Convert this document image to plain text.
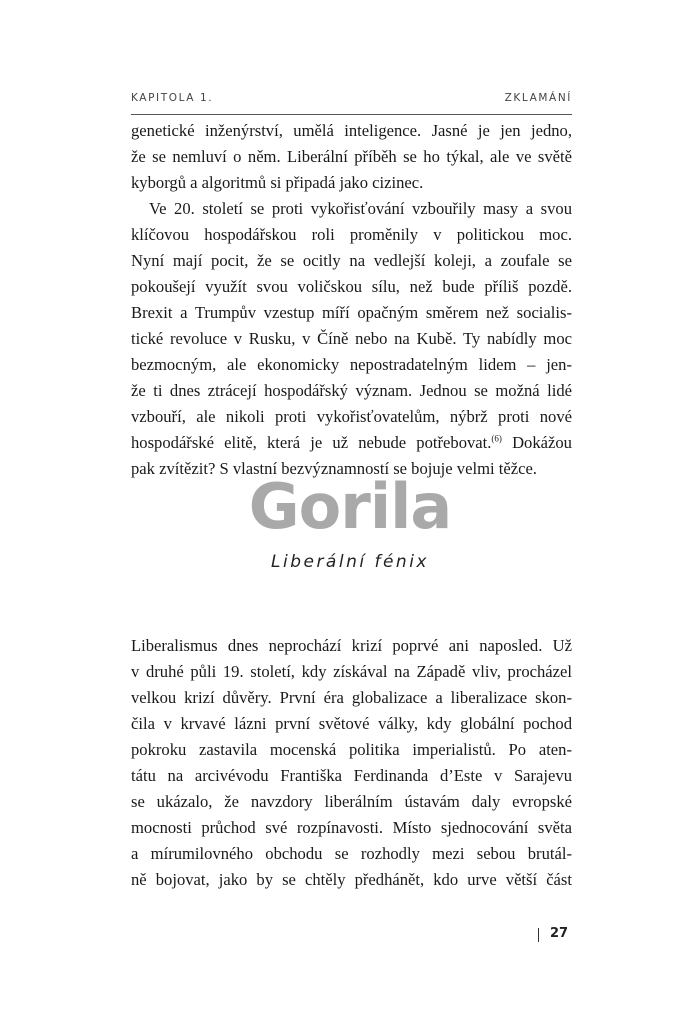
KAPITOLA 1.	ZKLAMÁNÍ
genetické inženýrství, umělá inteligence. Jasné je jen jedno,
že se nemluví o něm. Liberální příběh se ho týkal, ale ve světě
kyborgů a algoritmů si připadá jako cizinec.
Ve 20. století se proti vykořisťování vzbouřily masy a svou
klíčovou hospodářskou roli proměnily v politickou moc.
Nyní mají pocit, že se ocitly na vedlejší koleji, a zoufale se
pokoušejí využít svou voličskou sílu, než bude příliš pozdě.
Brexit a Trumpův vzestup míří opačným směrem než socialis-
tické revoluce v Rusku, v Číně nebo na Kubě. Ty nabídly moc
bezmocným, ale ekonomicky nepostradatelným lidem – jen-
že ti dnes ztrácejí hospodářský význam. Jednou se možná lidé
vzbouří, ale nikoli proti vykořisťovatelům, nýbrž proti nové
hospodářské elitě, která je už nebude potřebovat.$^{(6)}$ Dokážou
pak zvítězit? S vlastní bezvýznamností se bojuje velmi těžce.
Gorila
Liberální fénix
Liberalismus dnes neprochází krizí poprvé ani naposled. Už
v druhé půli 19. století, kdy získával na Západě vliv, procházel
velkou krizí důvěry. První éra globalizace a liberalizace skon-
čila v krvavé lázni první světové války, kdy globální pochod
pokroku zastavila mocenská politika imperialistů. Po aten-
tátu na arcivévodu Františka Ferdinanda d’Este v Sarajevu
se ukázalo, že navzdory liberálním ústavám daly evropské
mocnosti průchod své rozpínavosti. Místo sjednocování světa
a mírumilovného obchodu se rozhodly mezi sebou brutál-
ně bojovat, jako by se chtěly předhánět, kdo urve větší část
27
